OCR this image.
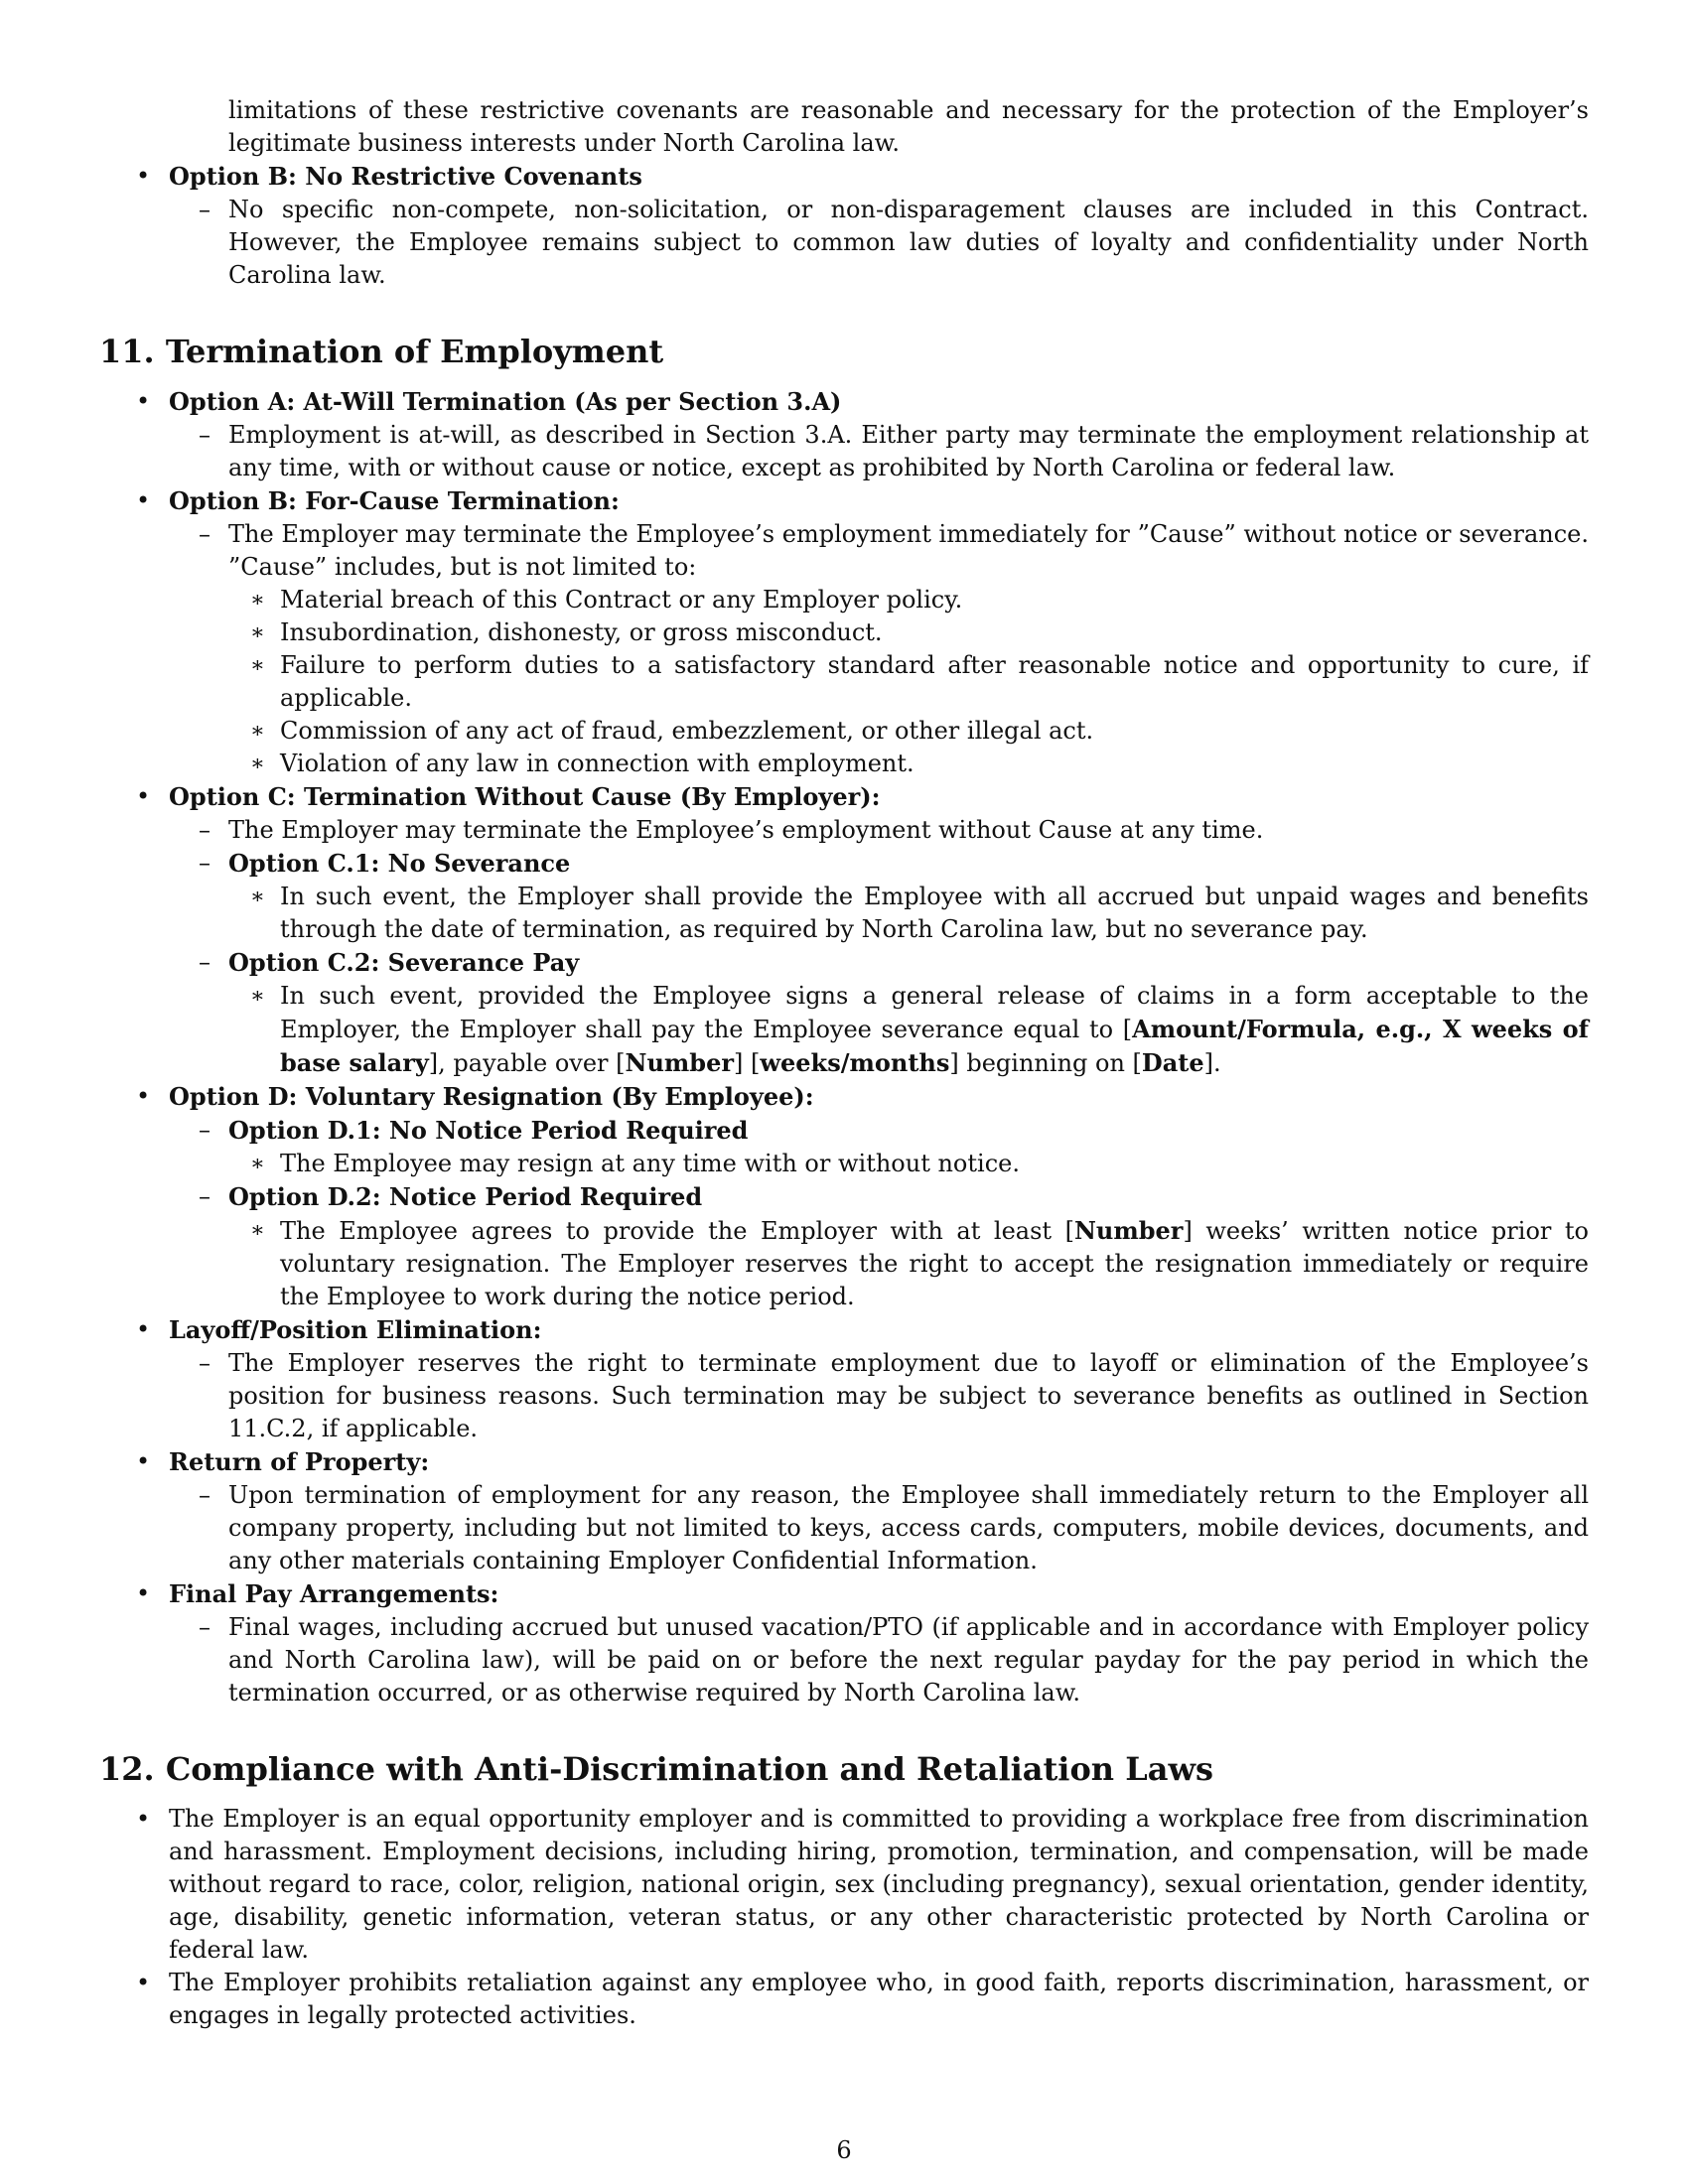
limitations of these restrictive covenants are reasonable and necessary for the protection of the Employer’s legitimate business interests under North Carolina law.

• Option B: No Restrictive Covenants
– No specific non-compete, non-solicitation, or non-disparagement clauses are included in this Contract. However, the Employee remains subject to common law duties of loyalty and confidentiality under North Carolina law.
11. Termination of Employment
• Option A: At-Will Termination (As per Section 3.A)
– Employment is at-will, as described in Section 3.A. Either party may terminate the employment relationship at any time, with or without cause or notice, except as prohibited by North Carolina or federal law.
• Option B: For-Cause Termination:
– The Employer may terminate the Employee’s employment immediately for ”Cause” without notice or severance. ”Cause” includes, but is not limited to:
∗ Material breach of this Contract or any Employer policy.
∗ Insubordination, dishonesty, or gross misconduct.
∗ Failure to perform duties to a satisfactory standard after reasonable notice and opportunity to cure, if applicable.
∗ Commission of any act of fraud, embezzlement, or other illegal act.
∗ Violation of any law in connection with employment.
• Option C: Termination Without Cause (By Employer):
– The Employer may terminate the Employee’s employment without Cause at any time.
– Option C.1: No Severance
∗ In such event, the Employer shall provide the Employee with all accrued but unpaid wages and benefits through the date of termination, as required by North Carolina law, but no severance pay.
– Option C.2: Severance Pay
∗ In such event, provided the Employee signs a general release of claims in a form acceptable to the Employer, the Employer shall pay the Employee severance equal to [Amount/Formula, e.g., X weeks of base salary], payable over [Number] [weeks/months] beginning on [Date].
• Option D: Voluntary Resignation (By Employee):
– Option D.1: No Notice Period Required
∗ The Employee may resign at any time with or without notice.
– Option D.2: Notice Period Required
∗ The Employee agrees to provide the Employer with at least [Number] weeks’ written notice prior to voluntary resignation. The Employer reserves the right to accept the resignation immediately or require the Employee to work during the notice period.
• Layoff/Position Elimination:
– The Employer reserves the right to terminate employment due to layoff or elimination of the Employee’s position for business reasons. Such termination may be subject to severance benefits as outlined in Section 11.C.2, if applicable.
• Return of Property:
– Upon termination of employment for any reason, the Employee shall immediately return to the Employer all company property, including but not limited to keys, access cards, computers, mobile devices, documents, and any other materials containing Employer Confidential Information.
• Final Pay Arrangements:
– Final wages, including accrued but unused vacation/PTO (if applicable and in accordance with Employer policy and North Carolina law), will be paid on or before the next regular payday for the pay period in which the termination occurred, or as otherwise required by North Carolina law.
12. Compliance with Anti-Discrimination and Retaliation Laws
• The Employer is an equal opportunity employer and is committed to providing a workplace free from discrimination and harassment. Employment decisions, including hiring, promotion, termination, and compensation, will be made without regard to race, color, religion, national origin, sex (including pregnancy), sexual orientation, gender identity, age, disability, genetic information, veteran status, or any other characteristic protected by North Carolina or federal law.
• The Employer prohibits retaliation against any employee who, in good faith, reports discrimination, harassment, or engages in legally protected activities.
6
